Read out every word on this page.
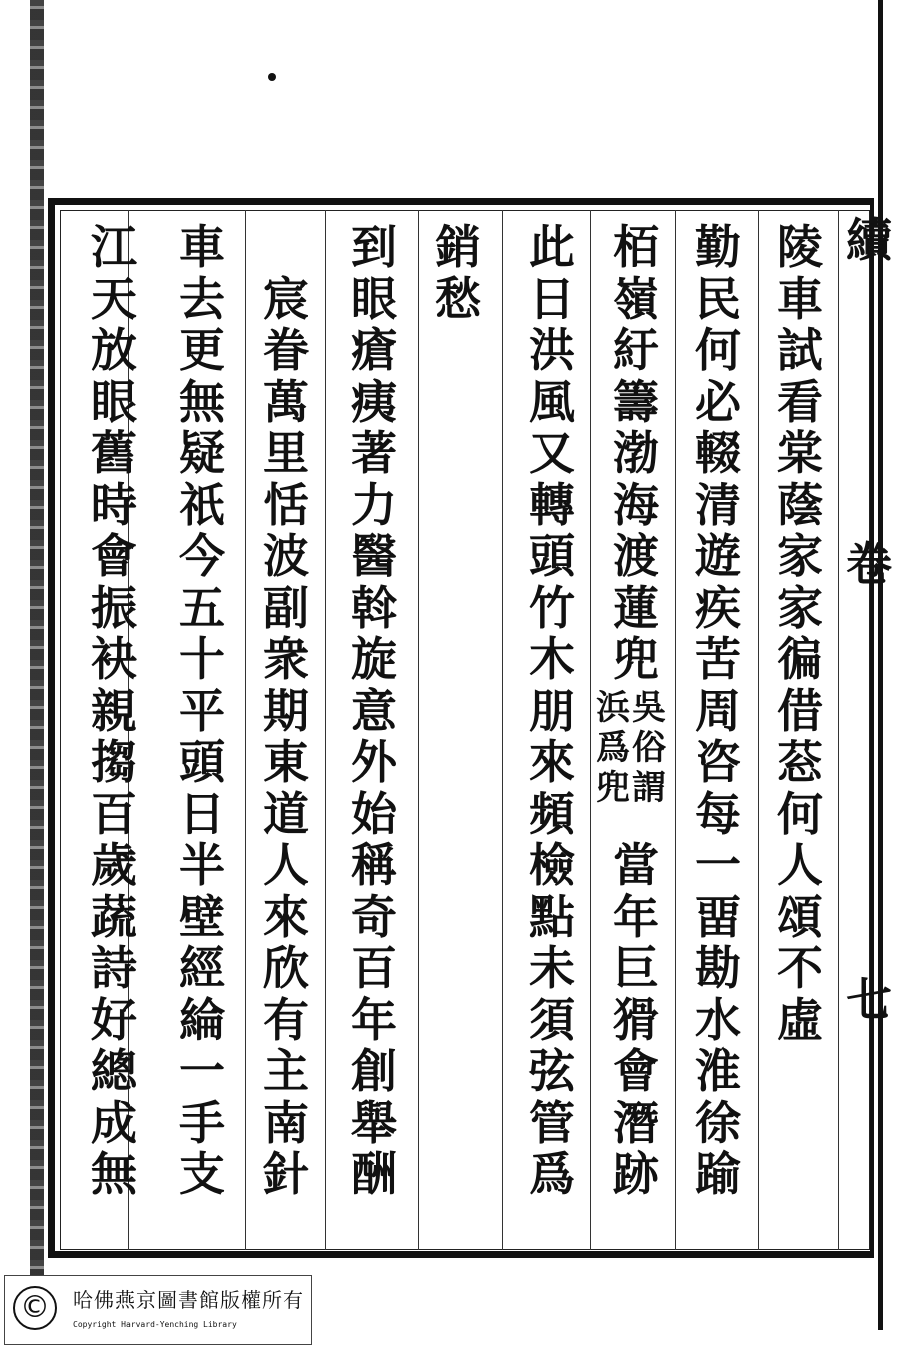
陵
車
試
看
棠
蔭
家
家
徧
借
䓗
何
人
頌
不
虛
勤
民
何
必
輟
清
遊
疾
苦
周
咨
每
一
畱
勘
水
淮
徐
踰
栢
嶺
紆
籌
渤
海
渡
蓮
兜
當
年
巨
猾
會
潛
跡
此
日
洪
風
又
轉
頭
竹
木
朋
來
頻
檢
點
未
須
弦
管
爲
銷
愁
到
眼
瘡
痍
著
力
醫
斡
旋
意
外
始
稱
奇
百
年
創
舉
酬
宸
眷
萬
里
恬
波
副
衆
期
東
道
人
來
欣
有
主
南
針
車
去
更
無
疑
祇
今
五
十
平
頭
日
半
壁
經
綸
一
手
支
江
天
放
眼
舊
時
會
振
袂
親
搊
百
歲
蔬
詩
好
總
成
無
吳
俗
謂
浜
爲
兜
續
卷
七
©	哈佛燕京圖書館版權所有
Copyright Harvard-Yenching Library
